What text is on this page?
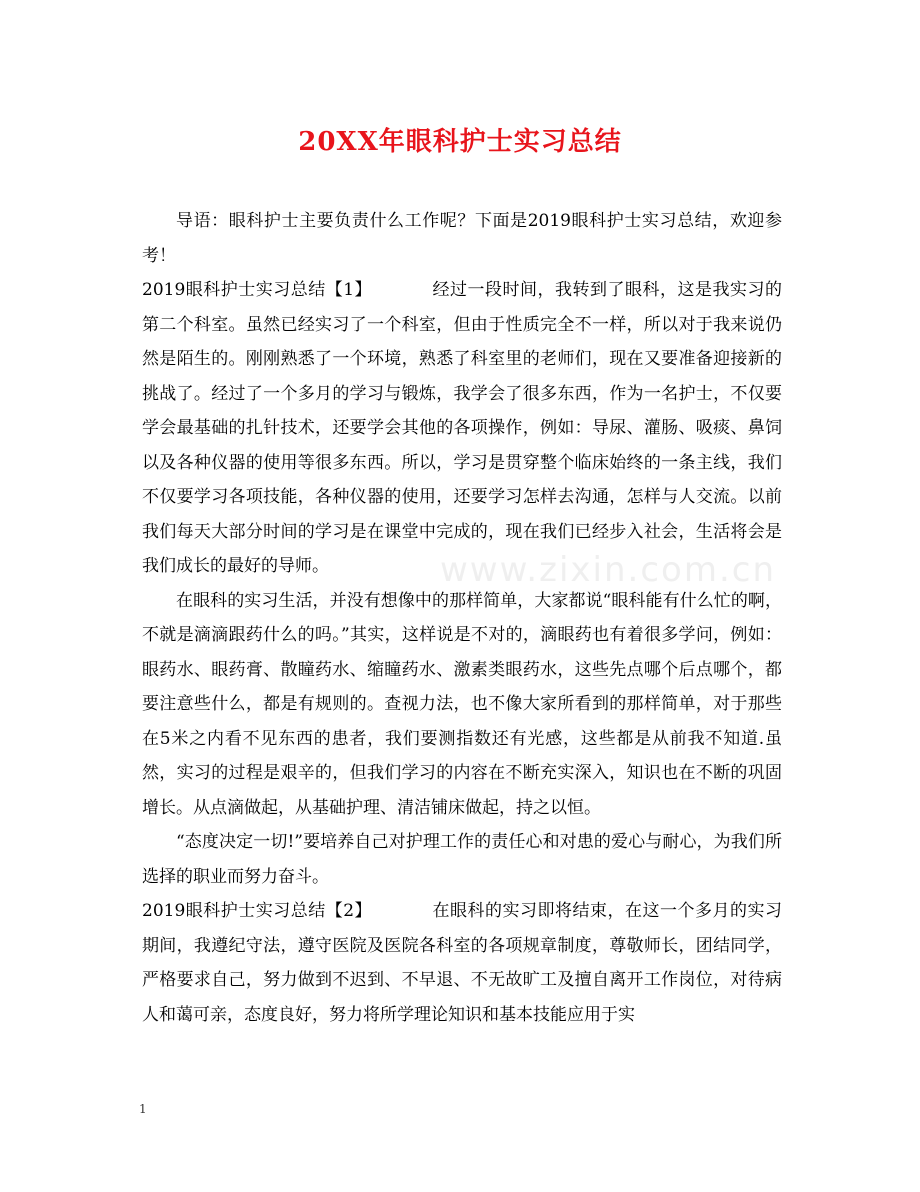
20XX年眼科护士实习总结
www.zixin.com.cn

导语：眼科护士主要负责什么工作呢？下面是2019眼科护士实习总结，欢迎参考！

2019眼科护士实习总结【1】	经过一段时间，我转到了眼科，这是我实习的第二个科室。虽然已经实习了一个科室，但由于性质完全不一样，所以对于我来说仍然是陌生的。刚刚熟悉了一个环境，熟悉了科室里的老师们，现在又要准备迎接新的挑战了。经过了一个多月的学习与锻炼，我学会了很多东西，作为一名护士，不仅要学会最基础的扎针技术，还要学会其他的各项操作，例如：导尿、灌肠、吸痰、鼻饲以及各种仪器的使用等很多东西。所以，学习是贯穿整个临床始终的一条主线，我们不仅要学习各项技能，各种仪器的使用，还要学习怎样去沟通，怎样与人交流。以前我们每天大部分时间的学习是在课堂中完成的，现在我们已经步入社会，生活将会是我们成长的最好的导师。

在眼科的实习生活，并没有想像中的那样简单，大家都说“眼科能有什么忙的啊，不就是滴滴跟药什么的吗。”其实，这样说是不对的，滴眼药也有着很多学问，例如：眼药水、眼药膏、散瞳药水、缩瞳药水、激素类眼药水，这些先点哪个后点哪个，都要注意些什么，都是有规则的。查视力法，也不像大家所看到的那样简单，对于那些在5米之内看不见东西的患者，我们要测指数还有光感，这些都是从前我不知道.虽然，实习的过程是艰辛的，但我们学习的内容在不断充实深入，知识也在不断的巩固增长。从点滴做起，从基础护理、清洁铺床做起，持之以恒。

“态度决定一切!”要培养自己对护理工作的责任心和对患的爱心与耐心，为我们所选择的职业而努力奋斗。

2019眼科护士实习总结【2】	在眼科的实习即将结束，在这一个多月的实习期间，我遵纪守法，遵守医院及医院各科室的各项规章制度，尊敬师长，团结同学，严格要求自己，努力做到不迟到、不早退、不无故旷工及擅自离开工作岗位，对待病人和蔼可亲，态度良好，努力将所学理论知识和基本技能应用于实

1
